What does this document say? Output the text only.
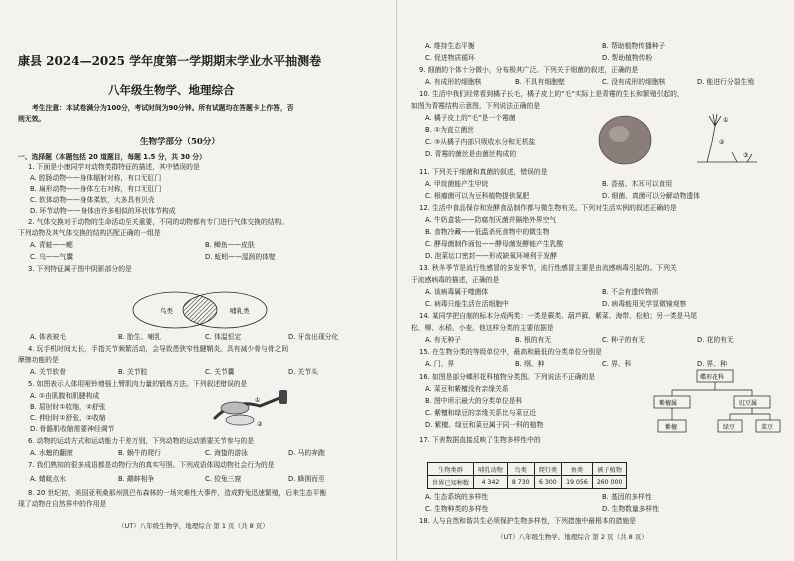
康县 2024—2025 学年度第一学期期末学业水平抽测卷
八年级生物学、地理综合
考生注意：本试卷满分为100分，考试时间为90分钟。所有试题均在答题卡上作答，否
则无效。
生物学部分（50分）
一、选择题（本题包括 20 道题目，每题 1.5 分，共 30 分）
1. 下面是小康同学对动物类群特征的描述，其中错误的是
A. 腔肠动物——身体辐射对称，有口无肛门
B. 扁形动物——身体左右对称，有口无肛门
C. 软体动物——身体柔软，大多具有贝壳
D. 环节动物——身体由许多相似的环状体节构成
2. 气体交换对于动物的生命活动至关重要，不同的动物都有专门进行气体交换的结构。
下列动物及其气体交换的结构匹配正确的一组是
A. 青蛙——鳃	B. 鲫鱼——皮肤
C. 乌——气囊	D. 蚯蚓——湿润的体壁
3. 下列特征属于图中阴影部分的是
鸟类	哺乳类
A. 体表被毛	B. 胎生、哺乳	C. 体温恒定	D. 牙齿出现分化
4. 玩手机时间太长，手指关节频繁活动，会导致患狭窄性腱鞘炎。具有减少骨与骨之间
摩擦功能的是
A. 关节软骨	B. 关节腔	C. 关节囊	D. 关节头
5. 如图表示人体用哑铃增强上臂肌肉力量的锻炼方法。下列叙述错误的是
A. ①由肌腹和肌腱构成
B. 屈肘时①收缩，②舒张
C. 伸肘时①舒张，②收缩
D. 骨骼肌收缩需要神经调节
①
②
6. 动物的运动方式和运动能力千差万别，下列动物的运动需要关节参与的是
A. 水螅的翻滚	B. 蜗牛的爬行	C. 海蛰的游泳	D. 马的奔跑
7. 我们熟知的很多成语都是动物行为的真实写照。下列成语体现动物社会行为的是
A. 蜻蜓点水	B. 鹬蚌相争	C. 狡兔三窟	D. 蜂拥而至
8. 20 世纪初，美国亚利桑那州凯巴布森林的一场灾难性大事件，造成野兔迅速繁殖，后来生态平衡
现了动物在自然界中的作用是
（UT）八年级生物学、地理综合 第 1 页（共 8 页）
A. 维持生态平衡	B. 帮助植物传播种子
C. 促进物质循环	D. 帮助植物传粉
9. 细菌的个体十分微小，分布极其广泛。下列关于细菌的叙述，正确的是
A. 有成形的细胞核	B. 不具有细胞壁	C. 没有成形的细胞核	D. 能进行分裂生殖
10. 生活中我们经常看到橘子长毛，橘子皮上的“毛”实际上是青霉的生长和繁殖引起的，
如图为青霉结构示意图，下列说法正确的是
A. 橘子皮上的“毛”是一个霉菌
B. ①为直立菌丝
C. ③从橘子内部只吸收水分和无机盐
D. 青霉的菌丝是由菌丝构成的
①
②
③
11. 下列关于细菌和真菌的叙述，错误的是
A. 甲烷菌能产生甲烷	B. 香菇、木耳可以食用
C. 根瘤菌可以为豆科植物提供氮肥	D. 细菌、真菌可以分解动物遗体
12. 生活中食品保存和发酵食品制作都与微生物有关。下列对生活实例的叙述正确的是
A. 牛奶盒装——防腐剂灭菌并隔绝外界空气
B. 食物冷藏——低温杀死食物中的微生物
C. 酵母菌制作面包——酵母菌发酵能产生乳酸
D. 泡菜坛口密封——形成缺氧环境利于发酵
13. 秋冬季节是流行性感冒的多发季节，流行性感冒主要是由流感病毒引起的。下列关
于流感病毒的描述，正确的是
A. 该病毒属于噬菌体	B. 不会有遗传物质
C. 病毒只能生活在活细胞中	D. 病毒能用光学显微镜观察
14. 某同学把自制的标本分成两类：一类是蕨类、葫芦藓、紫菜、海带、松柏；另一类是马尾
松、柳、水稻、小麦。他这样分类的主要依据是
A. 有无种子	B. 根的有无	C. 种子的有无	D. 花的有无
15. 在生物分类的等级单位中，最高和最低的分类单位分别是
A. 门、界	B. 纲、种	C. 界、科	D. 界、种
16. 如图是部分蝶形花科植物分类图。下列说法不正确的是
A. 菜豆和紫檀没有亲缘关系
B. 图中所示最大的分类单位是科
C. 紫檀和绿豆的亲缘关系比与菜豆近
D. 紫檀、绿豆和菜豆属于同一科的植物
蝶形花科
紫檀属	豇豆属
紫檀	绿豆	菜豆
17. 下表数据直接反映了生物多样性中的
生物类群	哺乳动物	鸟类	爬行类	鱼类	被子植物
世界已知种数	4 342	8 730	6 300	19 056	260 000
A. 生态系统的多样性	B. 基因的多样性
C. 生物种类的多样性	D. 生物数量多样性
18. 人与自然和谐共生必须保护生物多样性，下列措施中最根本的措施是
（UT）八年级生物学、地理综合 第 2 页（共 8 页）
